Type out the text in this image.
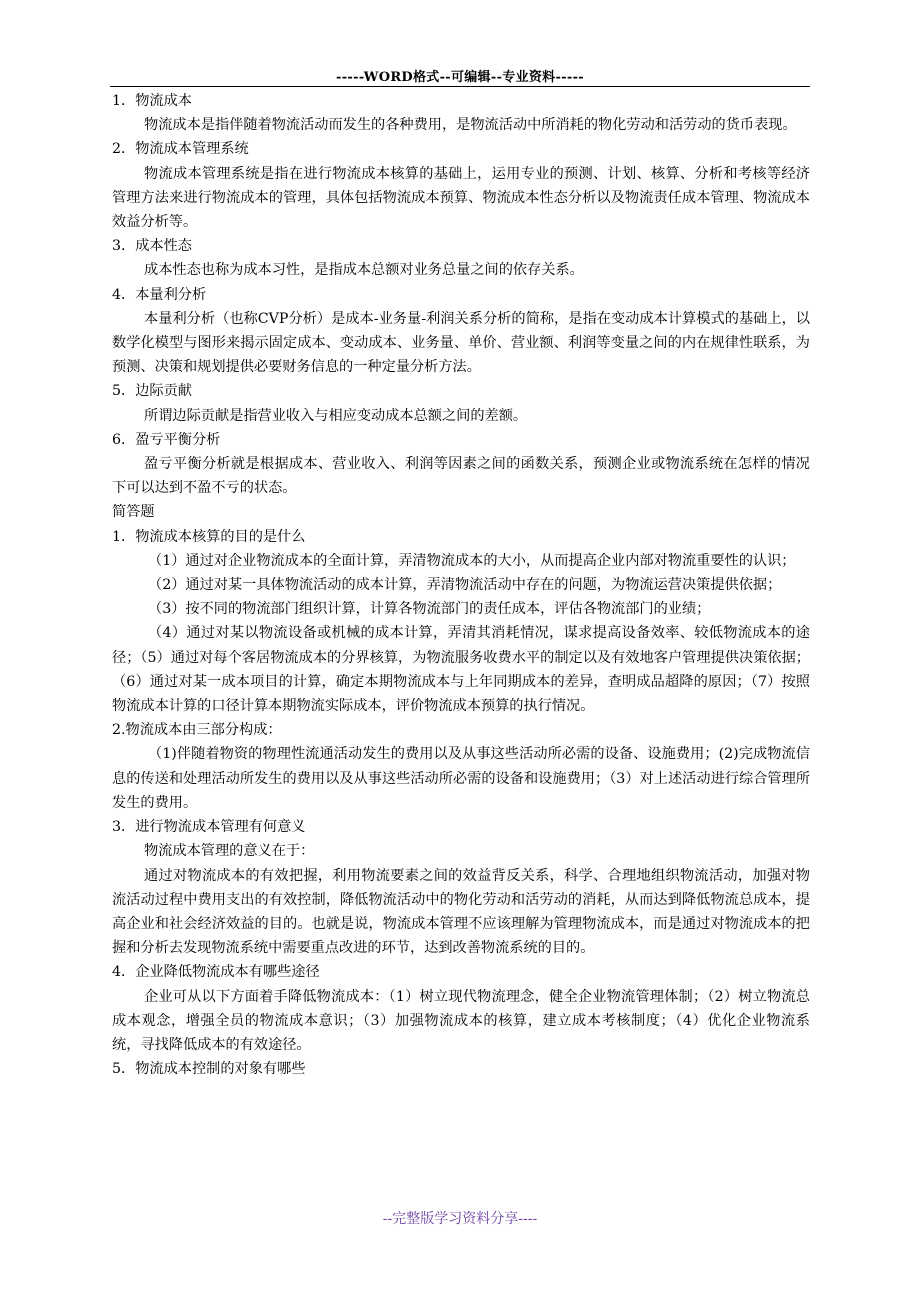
-----WORD格式--可编辑--专业资料-----

1．物流成本

物流成本是指伴随着物流活动而发生的各种费用，是物流活动中所消耗的物化劳动和活劳动的货币表现。

2．物流成本管理系统

物流成本管理系统是指在进行物流成本核算的基础上，运用专业的预测、计划、核算、分析和考核等经济管理方法来进行物流成本的管理，具体包括物流成本预算、物流成本性态分析以及物流责任成本管理、物流成本效益分析等。

3．成本性态

成本性态也称为成本习性，是指成本总额对业务总量之间的依存关系。

4．本量利分析

本量利分析（也称CVP分析）是成本-业务量-利润关系分析的简称，是指在变动成本计算模式的基础上，以数学化模型与图形来揭示固定成本、变动成本、业务量、单价、营业额、利润等变量之间的内在规律性联系，为预测、决策和规划提供必要财务信息的一种定量分析方法。

5．边际贡献

所谓边际贡献是指营业收入与相应变动成本总额之间的差额。

6．盈亏平衡分析

盈亏平衡分析就是根据成本、营业收入、利润等因素之间的函数关系，预测企业或物流系统在怎样的情况下可以达到不盈不亏的状态。

简答题

1．物流成本核算的目的是什么

（1）通过对企业物流成本的全面计算，弄清物流成本的大小，从而提高企业内部对物流重要性的认识；

（2）通过对某一具体物流活动的成本计算，弄清物流活动中存在的问题，为物流运营决策提供依据；

（3）按不同的物流部门组织计算，计算各物流部门的责任成本，评估各物流部门的业绩；

（4）通过对某以物流设备或机械的成本计算，弄清其消耗情况，谋求提高设备效率、较低物流成本的途径；（5）通过对每个客居物流成本的分界核算，为物流服务收费水平的制定以及有效地客户管理提供决策依据；（6）通过对某一成本项目的计算，确定本期物流成本与上年同期成本的差异，查明成品超降的原因；（7）按照物流成本计算的口径计算本期物流实际成本，评价物流成本预算的执行情况。

2.物流成本由三部分构成：

（1)伴随着物资的物理性流通活动发生的费用以及从事这些活动所必需的设备、设施费用；(2)完成物流信息的传送和处理活动所发生的费用以及从事这些活动所必需的设备和设施费用；（3）对上述活动进行综合管理所发生的费用。

3．进行物流成本管理有何意义

物流成本管理的意义在于：

通过对物流成本的有效把握，利用物流要素之间的效益背反关系，科学、合理地组织物流活动，加强对物流活动过程中费用支出的有效控制，降低物流活动中的物化劳动和活劳动的消耗，从而达到降低物流总成本，提高企业和社会经济效益的目的。也就是说，物流成本管理不应该理解为管理物流成本，而是通过对物流成本的把握和分析去发现物流系统中需要重点改进的环节，达到改善物流系统的目的。

4．企业降低物流成本有哪些途径

企业可从以下方面着手降低物流成本：（1）树立现代物流理念，健全企业物流管理体制；（2）树立物流总成本观念，增强全员的物流成本意识；（3）加强物流成本的核算，建立成本考核制度；（4）优化企业物流系统，寻找降低成本的有效途径。

5．物流成本控制的对象有哪些

--完整版学习资料分享----
